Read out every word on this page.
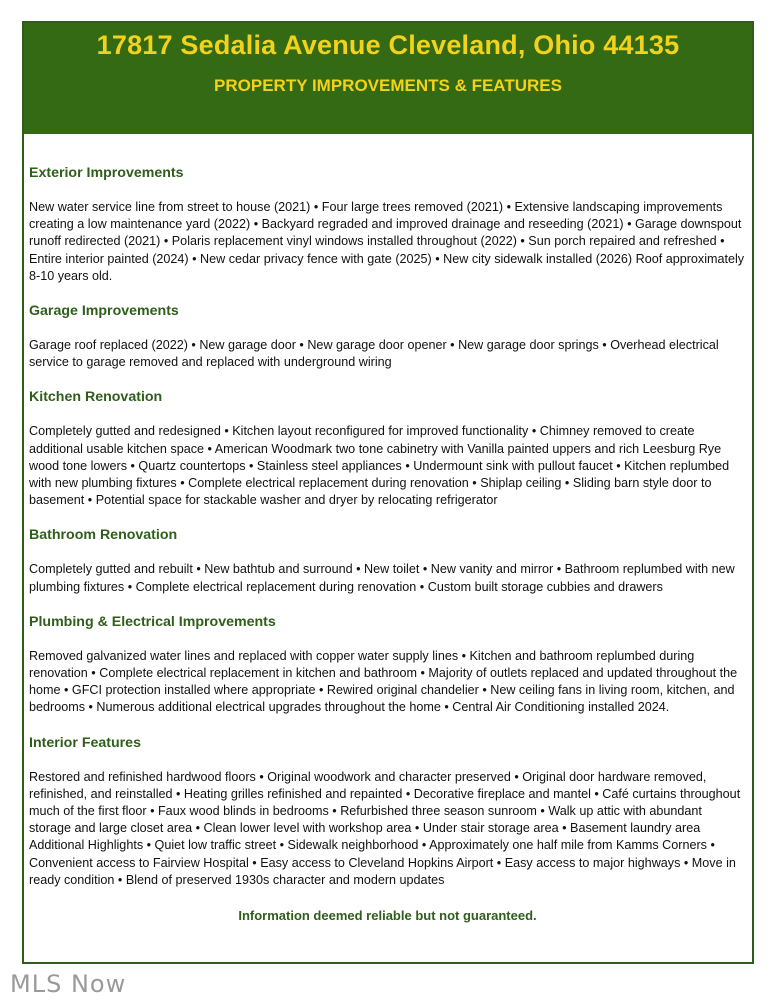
17817 Sedalia Avenue Cleveland, Ohio 44135
PROPERTY IMPROVEMENTS & FEATURES
Exterior Improvements

New water service line from street to house (2021) • Four large trees removed (2021) • Extensive landscaping improvements creating a low maintenance yard (2022) • Backyard regraded and improved drainage and reseeding (2021) • Garage downspout runoff redirected (2021) • Polaris replacement vinyl windows installed throughout (2022) • Sun porch repaired and refreshed • Entire interior painted (2024) • New cedar privacy fence with gate (2025) • New city sidewalk installed (2026) Roof approximately 8-10 years old.

Garage Improvements

Garage roof replaced (2022) • New garage door • New garage door opener • New garage door springs • Overhead electrical service to garage removed and replaced with underground wiring

Kitchen Renovation

Completely gutted and redesigned • Kitchen layout reconfigured for improved functionality • Chimney removed to create additional usable kitchen space • American Woodmark two tone cabinetry with Vanilla painted uppers and rich Leesburg Rye wood tone lowers • Quartz countertops • Stainless steel appliances • Undermount sink with pullout faucet • Kitchen replumbed with new plumbing fixtures • Complete electrical replacement during renovation • Shiplap ceiling • Sliding barn style door to basement • Potential space for stackable washer and dryer by relocating refrigerator

Bathroom Renovation

Completely gutted and rebuilt • New bathtub and surround • New toilet • New vanity and mirror • Bathroom replumbed with new plumbing fixtures • Complete electrical replacement during renovation • Custom built storage cubbies and drawers

Plumbing & Electrical Improvements

Removed galvanized water lines and replaced with copper water supply lines • Kitchen and bathroom replumbed during renovation • Complete electrical replacement in kitchen and bathroom • Majority of outlets replaced and updated throughout the home • GFCI protection installed where appropriate • Rewired original chandelier • New ceiling fans in living room, kitchen, and bedrooms • Numerous additional electrical upgrades throughout the home • Central Air Conditioning installed 2024.

Interior Features

Restored and refinished hardwood floors • Original woodwork and character preserved • Original door hardware removed, refinished, and reinstalled • Heating grilles refinished and repainted • Decorative fireplace and mantel • Café curtains throughout much of the first floor • Faux wood blinds in bedrooms • Refurbished three season sunroom • Walk up attic with abundant storage and large closet area • Clean lower level with workshop area • Under stair storage area • Basement laundry area Additional Highlights • Quiet low traffic street • Sidewalk neighborhood • Approximately one half mile from Kamms Corners • Convenient access to Fairview Hospital • Easy access to Cleveland Hopkins Airport • Easy access to major highways • Move in ready condition • Blend of preserved 1930s character and modern updates

Information deemed reliable but not guaranteed.
MLS Now
